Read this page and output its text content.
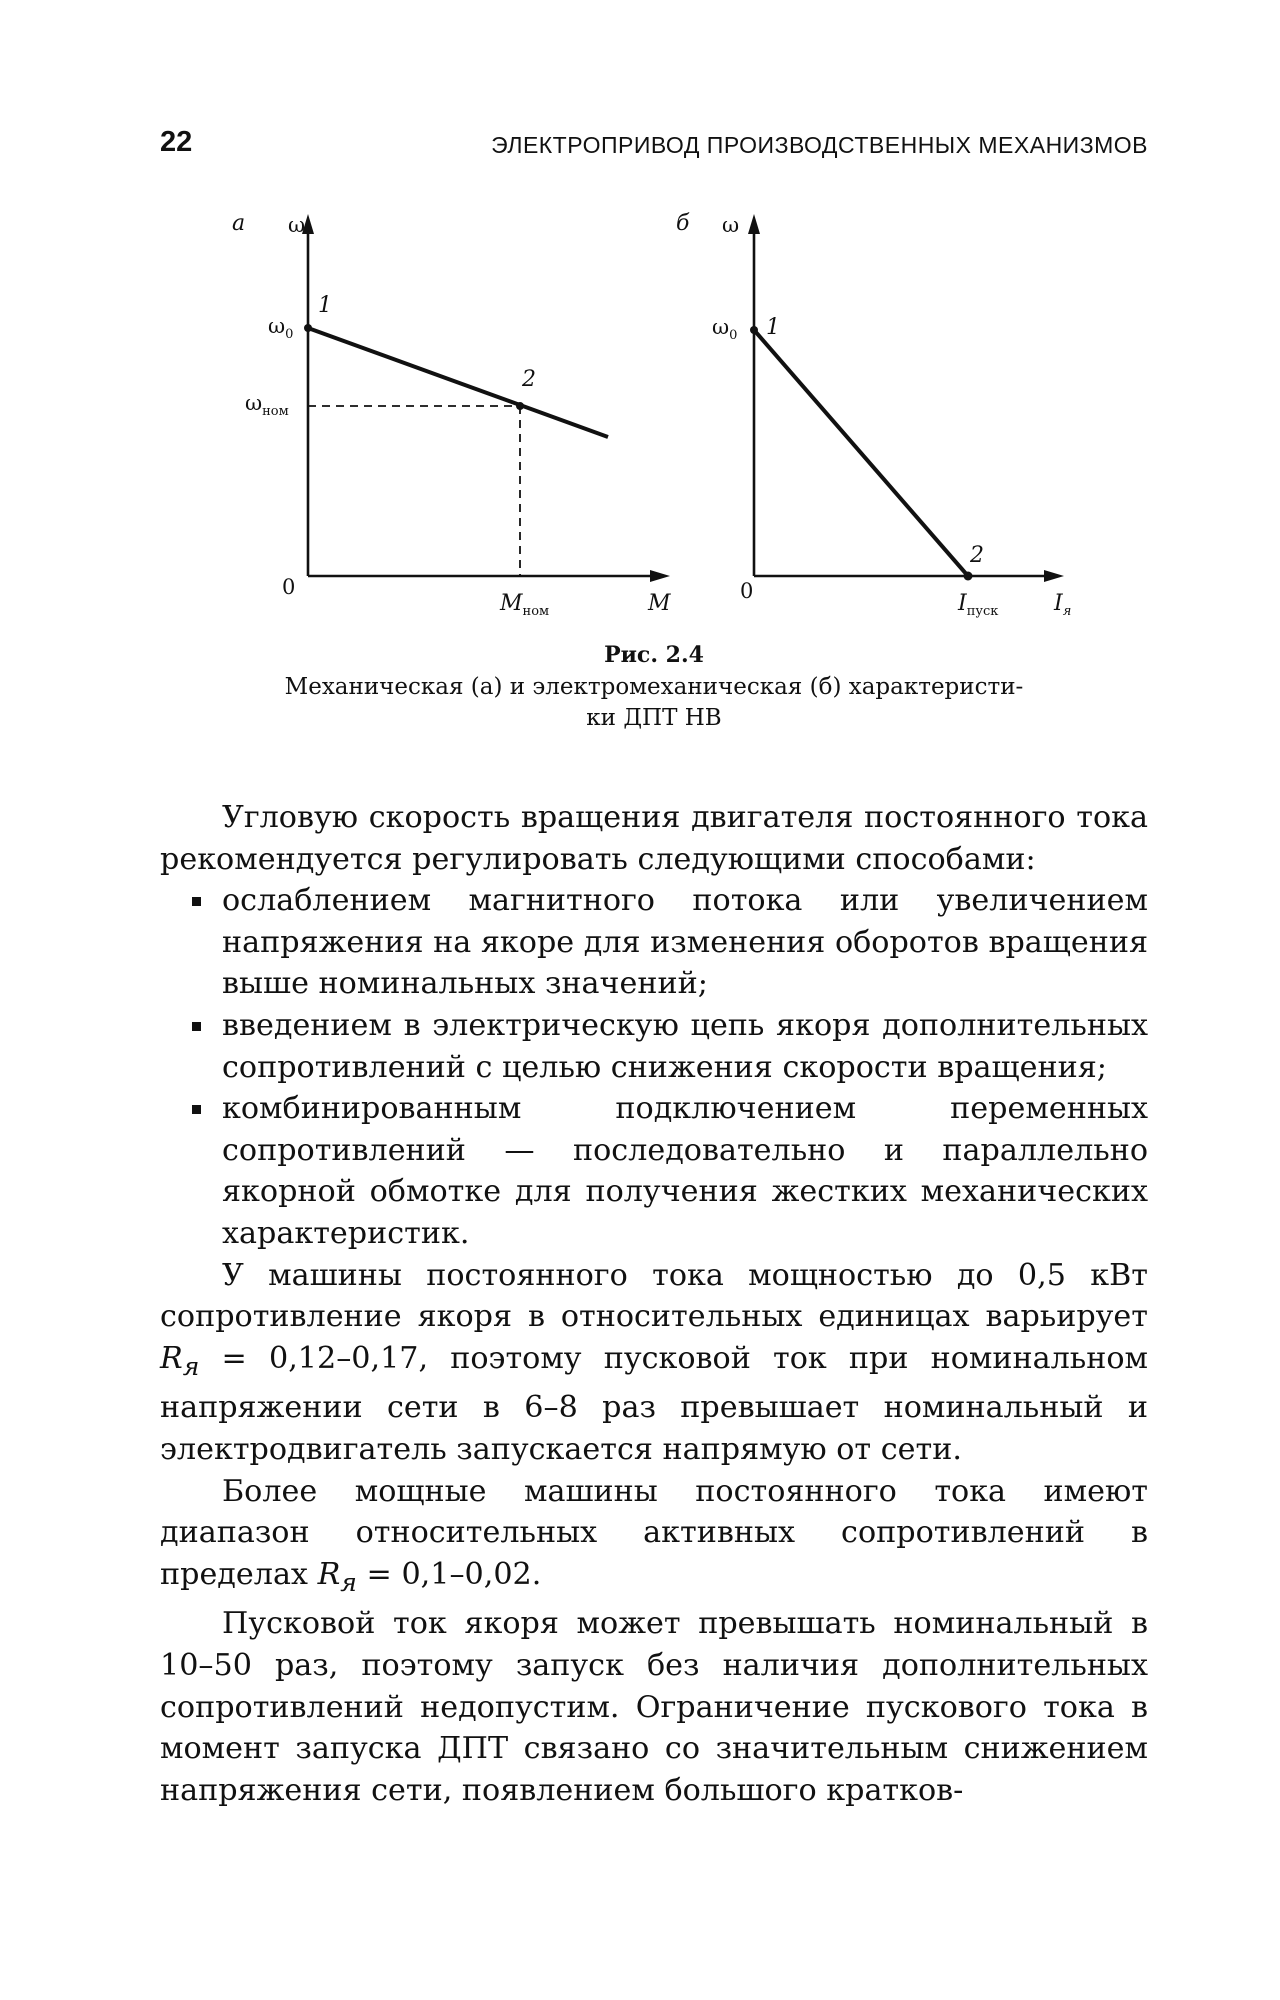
22	ЭЛЕКТРОПРИВОД ПРОИЗВОДСТВЕННЫХ МЕХАНИЗМОВ
а ω
1
2
$\omega_0$
$\omega_{ном}$
0
$M_{ном}$	M
б ω
1
2
$\omega_0$
0	$I_{пуск}$	$I_я$
Рис. 2.4
Механическая (а) и электромеханическая (б) характеристи-
ки ДПТ НВ

Угловую скорость вращения двигателя постоянного тока рекомендуется регулировать следующими способами:

ослаблением магнитного потока или увеличением напряжения на якоре для изменения оборотов вращения выше номинальных значений;
введением в электрическую цепь якоря дополнительных сопротивлений с целью снижения скорости вращения;
комбинированным подключением переменных сопротивлений — последовательно и параллельно якорной обмотке для получения жестких механических характеристик.

У машины постоянного тока мощностью до 0,5 кВт сопротивление якоря в относительных единицах варьирует $R_я = 0,12-0,17$, поэтому пусковой ток при номинальном напряжении сети в 6–8 раз превышает номинальный и электродвигатель запускается напрямую от сети.

Более мощные машины постоянного тока имеют диапазон относительных активных сопротивлений в пределах $R_я = 0,1-0,02$.

Пусковой ток якоря может превышать номинальный в 10–50 раз, поэтому запуск без наличия дополнительных сопротивлений недопустим. Ограничение пускового тока в момент запуска ДПТ связано со значительным снижением напряжения сети, появлением большого кратков-
